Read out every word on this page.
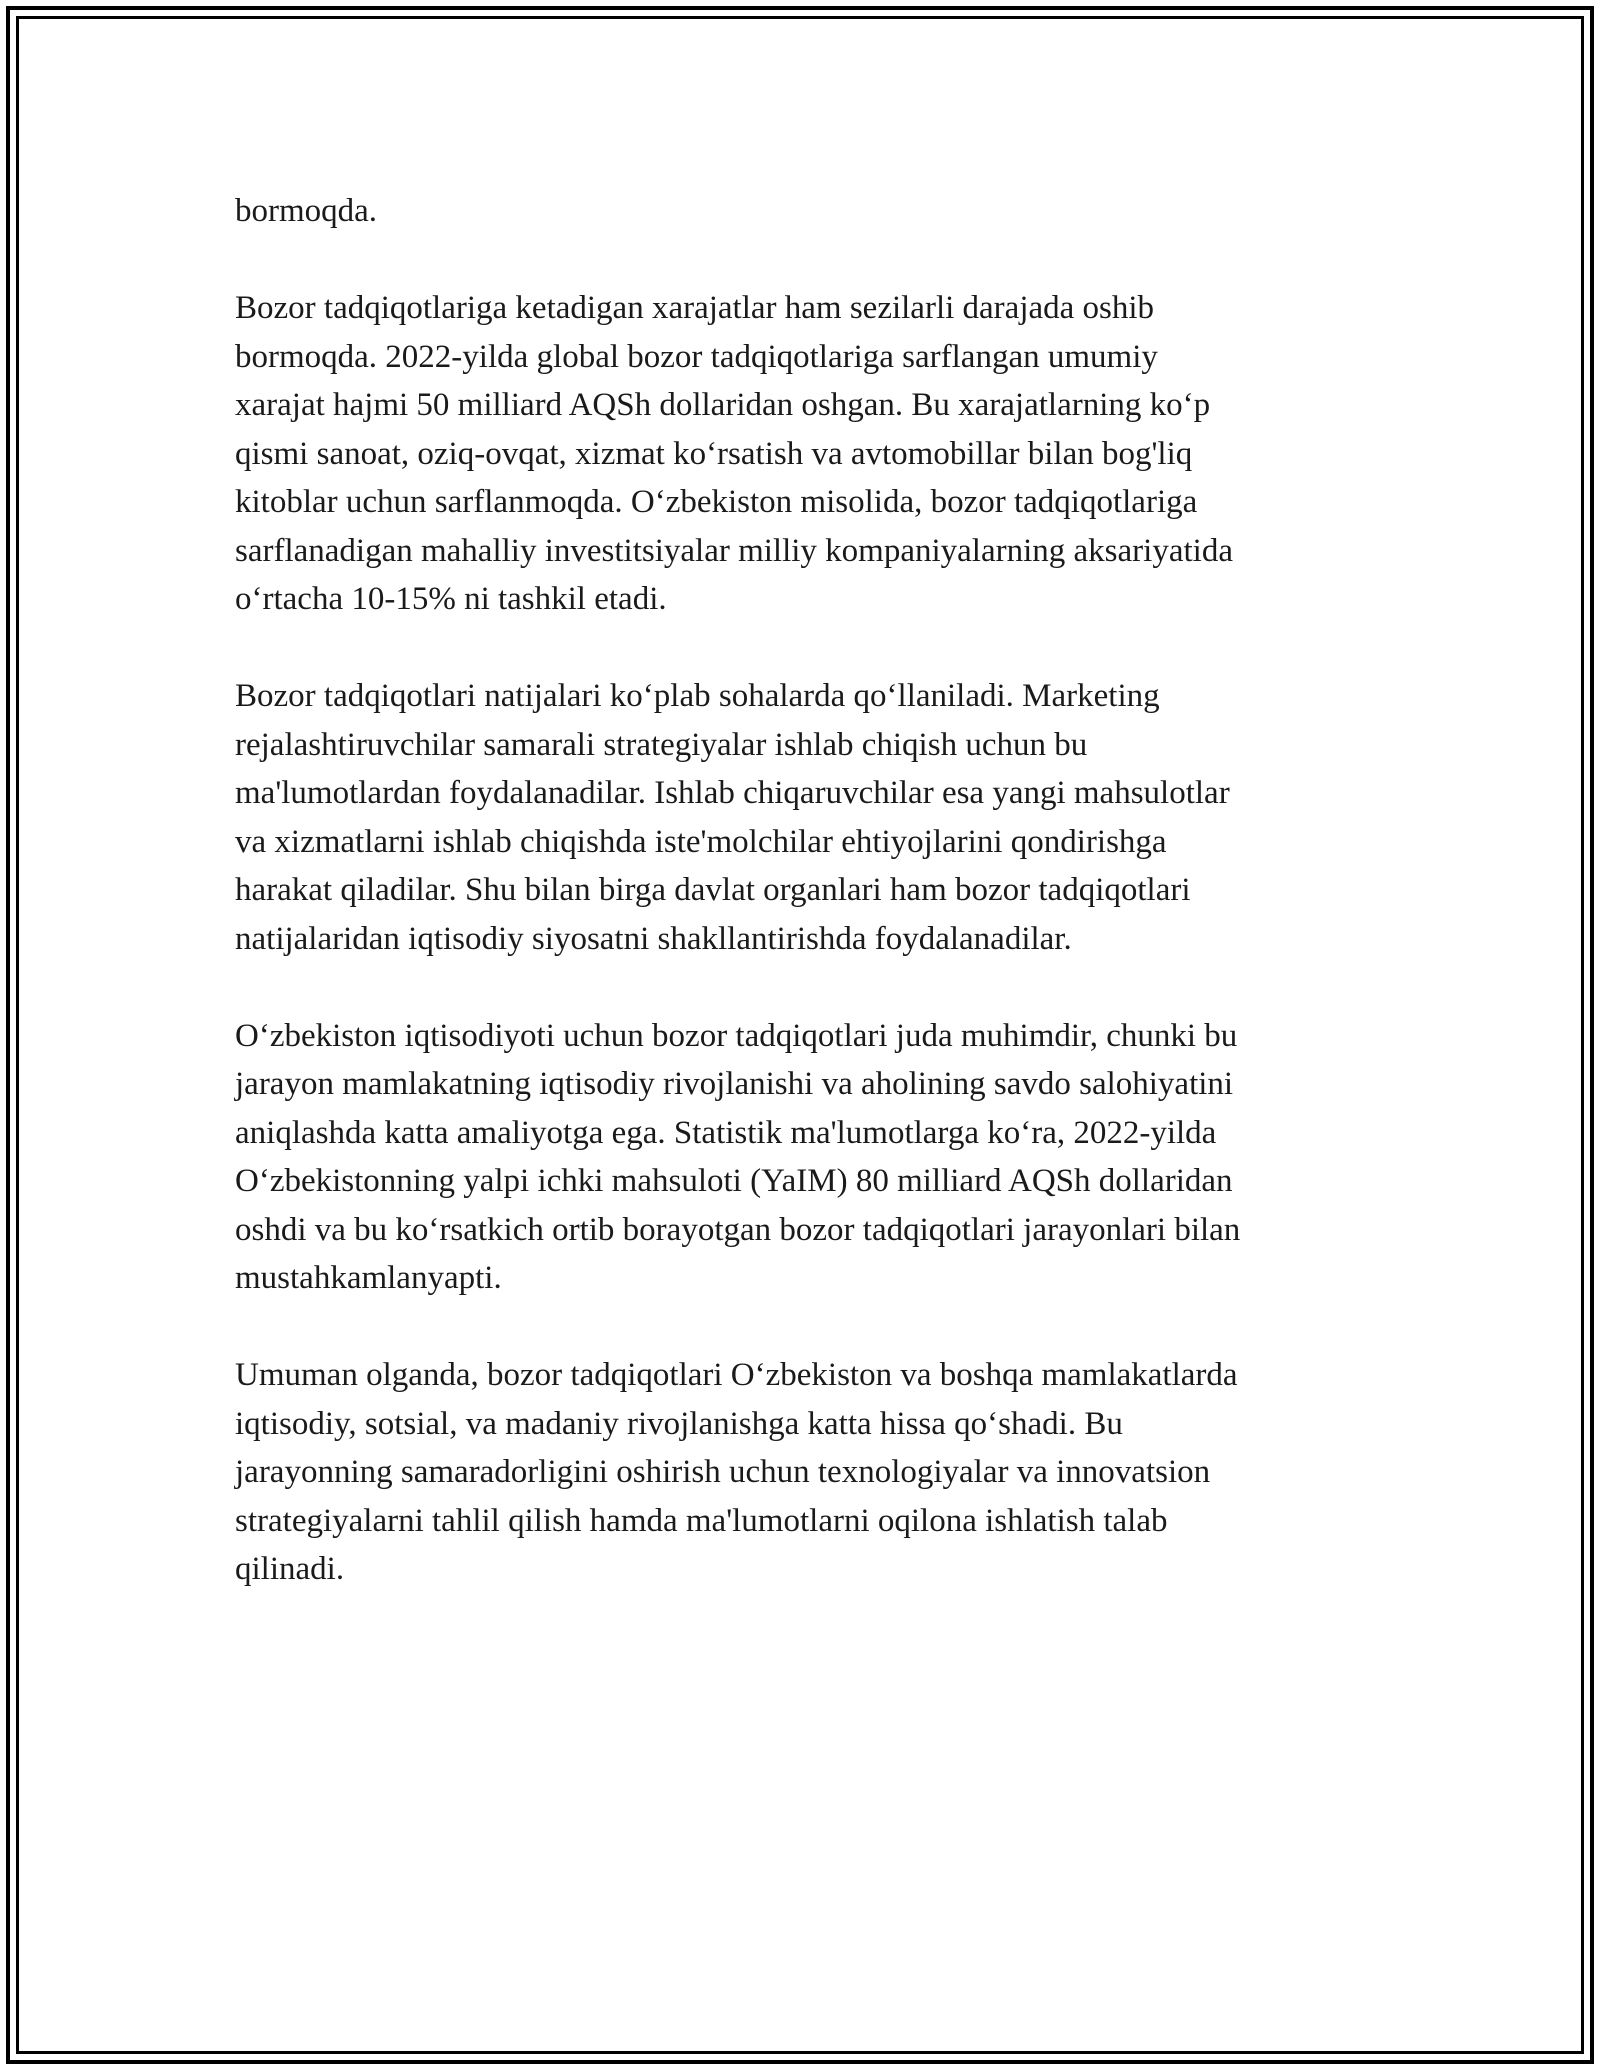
bormoqda.

Bozor tadqiqotlariga ketadigan xarajatlar ham sezilarli darajada oshib
bormoqda. 2022-yilda global bozor tadqiqotlariga sarflangan umumiy
xarajat hajmi 50 milliard AQSh dollaridan oshgan. Bu xarajatlarning ko‘p
qismi sanoat, oziq-ovqat, xizmat ko‘rsatish va avtomobillar bilan bog'liq
kitoblar uchun sarflanmoqda. O‘zbekiston misolida, bozor tadqiqotlariga
sarflanadigan mahalliy investitsiyalar milliy kompaniyalarning aksariyatida
o‘rtacha 10-15% ni tashkil etadi.

Bozor tadqiqotlari natijalari ko‘plab sohalarda qo‘llaniladi. Marketing
rejalashtiruvchilar samarali strategiyalar ishlab chiqish uchun bu
ma'lumotlardan foydalanadilar. Ishlab chiqaruvchilar esa yangi mahsulotlar
va xizmatlarni ishlab chiqishda iste'molchilar ehtiyojlarini qondirishga
harakat qiladilar. Shu bilan birga davlat organlari ham bozor tadqiqotlari
natijalaridan iqtisodiy siyosatni shakllantirishda foydalanadilar.

O‘zbekiston iqtisodiyoti uchun bozor tadqiqotlari juda muhimdir, chunki bu
jarayon mamlakatning iqtisodiy rivojlanishi va aholining savdo salohiyatini
aniqlashda katta amaliyotga ega. Statistik ma'lumotlarga ko‘ra, 2022-yilda
O‘zbekistonning yalpi ichki mahsuloti (YaIM) 80 milliard AQSh dollaridan
oshdi va bu ko‘rsatkich ortib borayotgan bozor tadqiqotlari jarayonlari bilan
mustahkamlanyapti.

Umuman olganda, bozor tadqiqotlari O‘zbekiston va boshqa mamlakatlarda
iqtisodiy, sotsial, va madaniy rivojlanishga katta hissa qo‘shadi. Bu
jarayonning samaradorligini oshirish uchun texnologiyalar va innovatsion
strategiyalarni tahlil qilish hamda ma'lumotlarni oqilona ishlatish talab
qilinadi.
